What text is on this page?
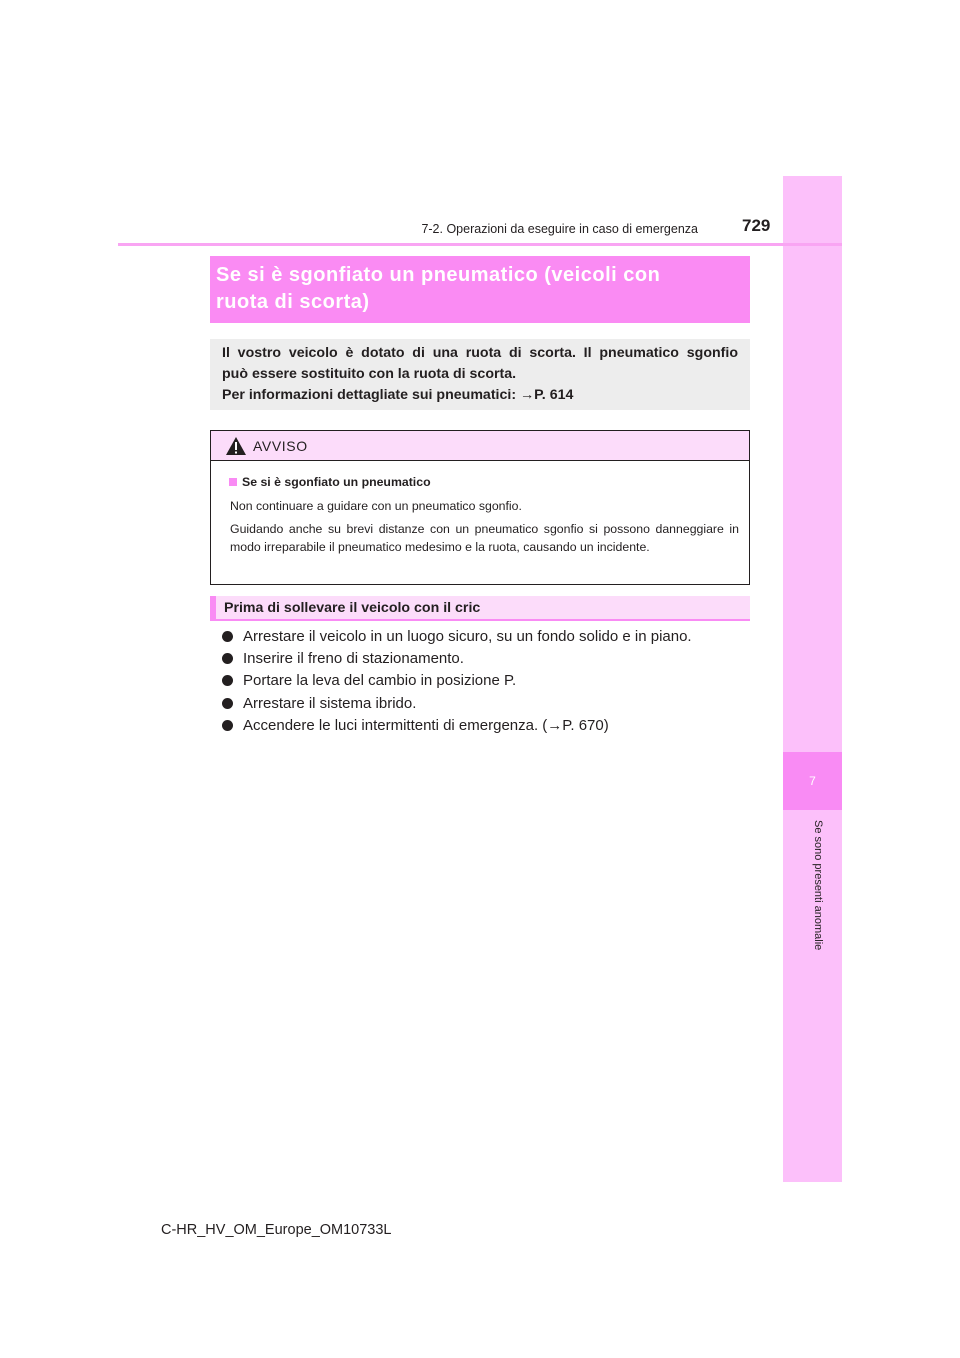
7
Se sono presenti anomalie
7-2. Operazioni da eseguire in caso di emergenza	729
Se si è sgonfiato un pneumatico (veicoli con
ruota di scorta)
Il vostro veicolo è dotato di una ruota di scorta. Il pneumatico sgonfio
può essere sostituito con la ruota di scorta.
Per informazioni dettagliate sui pneumatici: →P. 614
AVVISO
Se si è sgonfiato un pneumatico
Non continuare a guidare con un pneumatico sgonfio.
Guidando anche su brevi distanze con un pneumatico sgonfio si possono danneggiare in modo irreparabile il pneumatico medesimo e la ruota, causando un incidente.
Prima di sollevare il veicolo con il cric
Arrestare il veicolo in un luogo sicuro, su un fondo solido e in piano.
Inserire il freno di stazionamento.
Portare la leva del cambio in posizione P.
Arrestare il sistema ibrido.
Accendere le luci intermittenti di emergenza. (→P. 670)
C-HR_HV_OM_Europe_OM10733L
